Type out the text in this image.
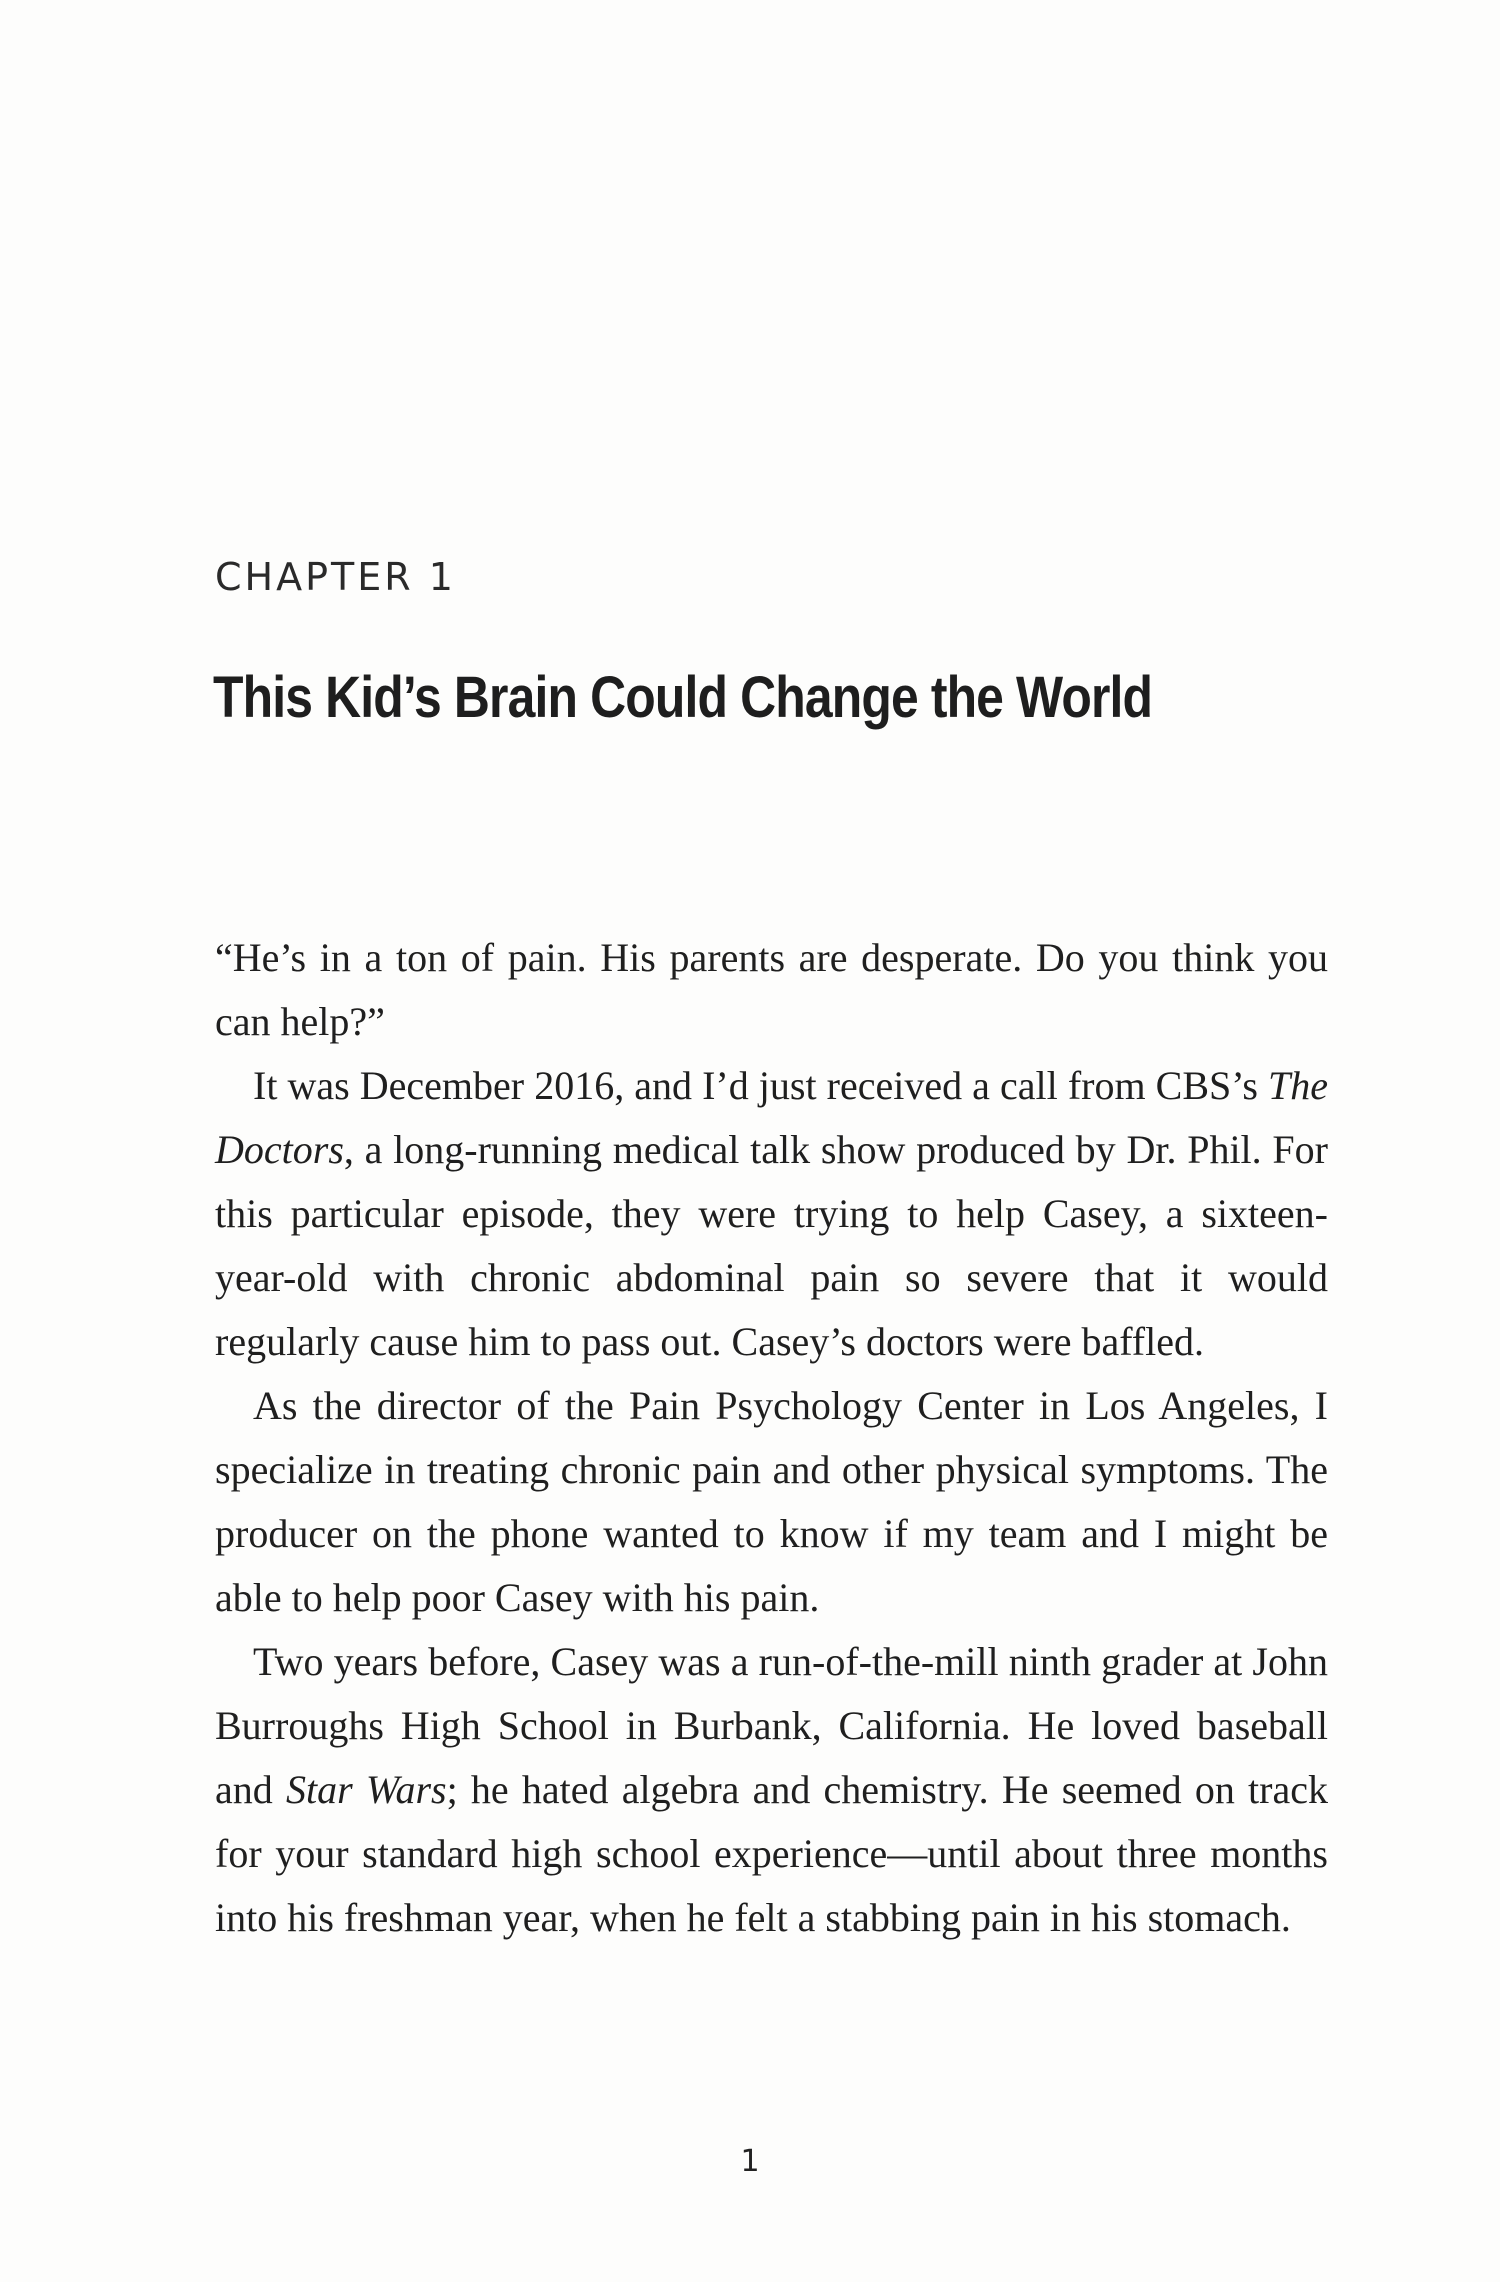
CHAPTER 1
This Kid’s Brain Could Change the World

“He’s in a ton of pain. His parents are desperate. Do you think you can help?”

It was December 2016, and I’d just received a call from CBS’s The Doctors, a long-running medical talk show produced by Dr. Phil. For this particular episode, they were trying to help Casey, a sixteen-year-old with chronic abdominal pain so severe that it would regularly cause him to pass out. Casey’s doctors were baffled.

As the director of the Pain Psychology Center in Los Angeles, I specialize in treating chronic pain and other physical symptoms. The producer on the phone wanted to know if my team and I might be able to help poor Casey with his pain.

Two years before, Casey was a run-of-the-mill ninth grader at John Burroughs High School in Burbank, California. He loved baseball and Star Wars; he hated algebra and chemistry. He seemed on track for your standard high school experience—until about three months into his freshman year, when he felt a stabbing pain in his stomach.

1
